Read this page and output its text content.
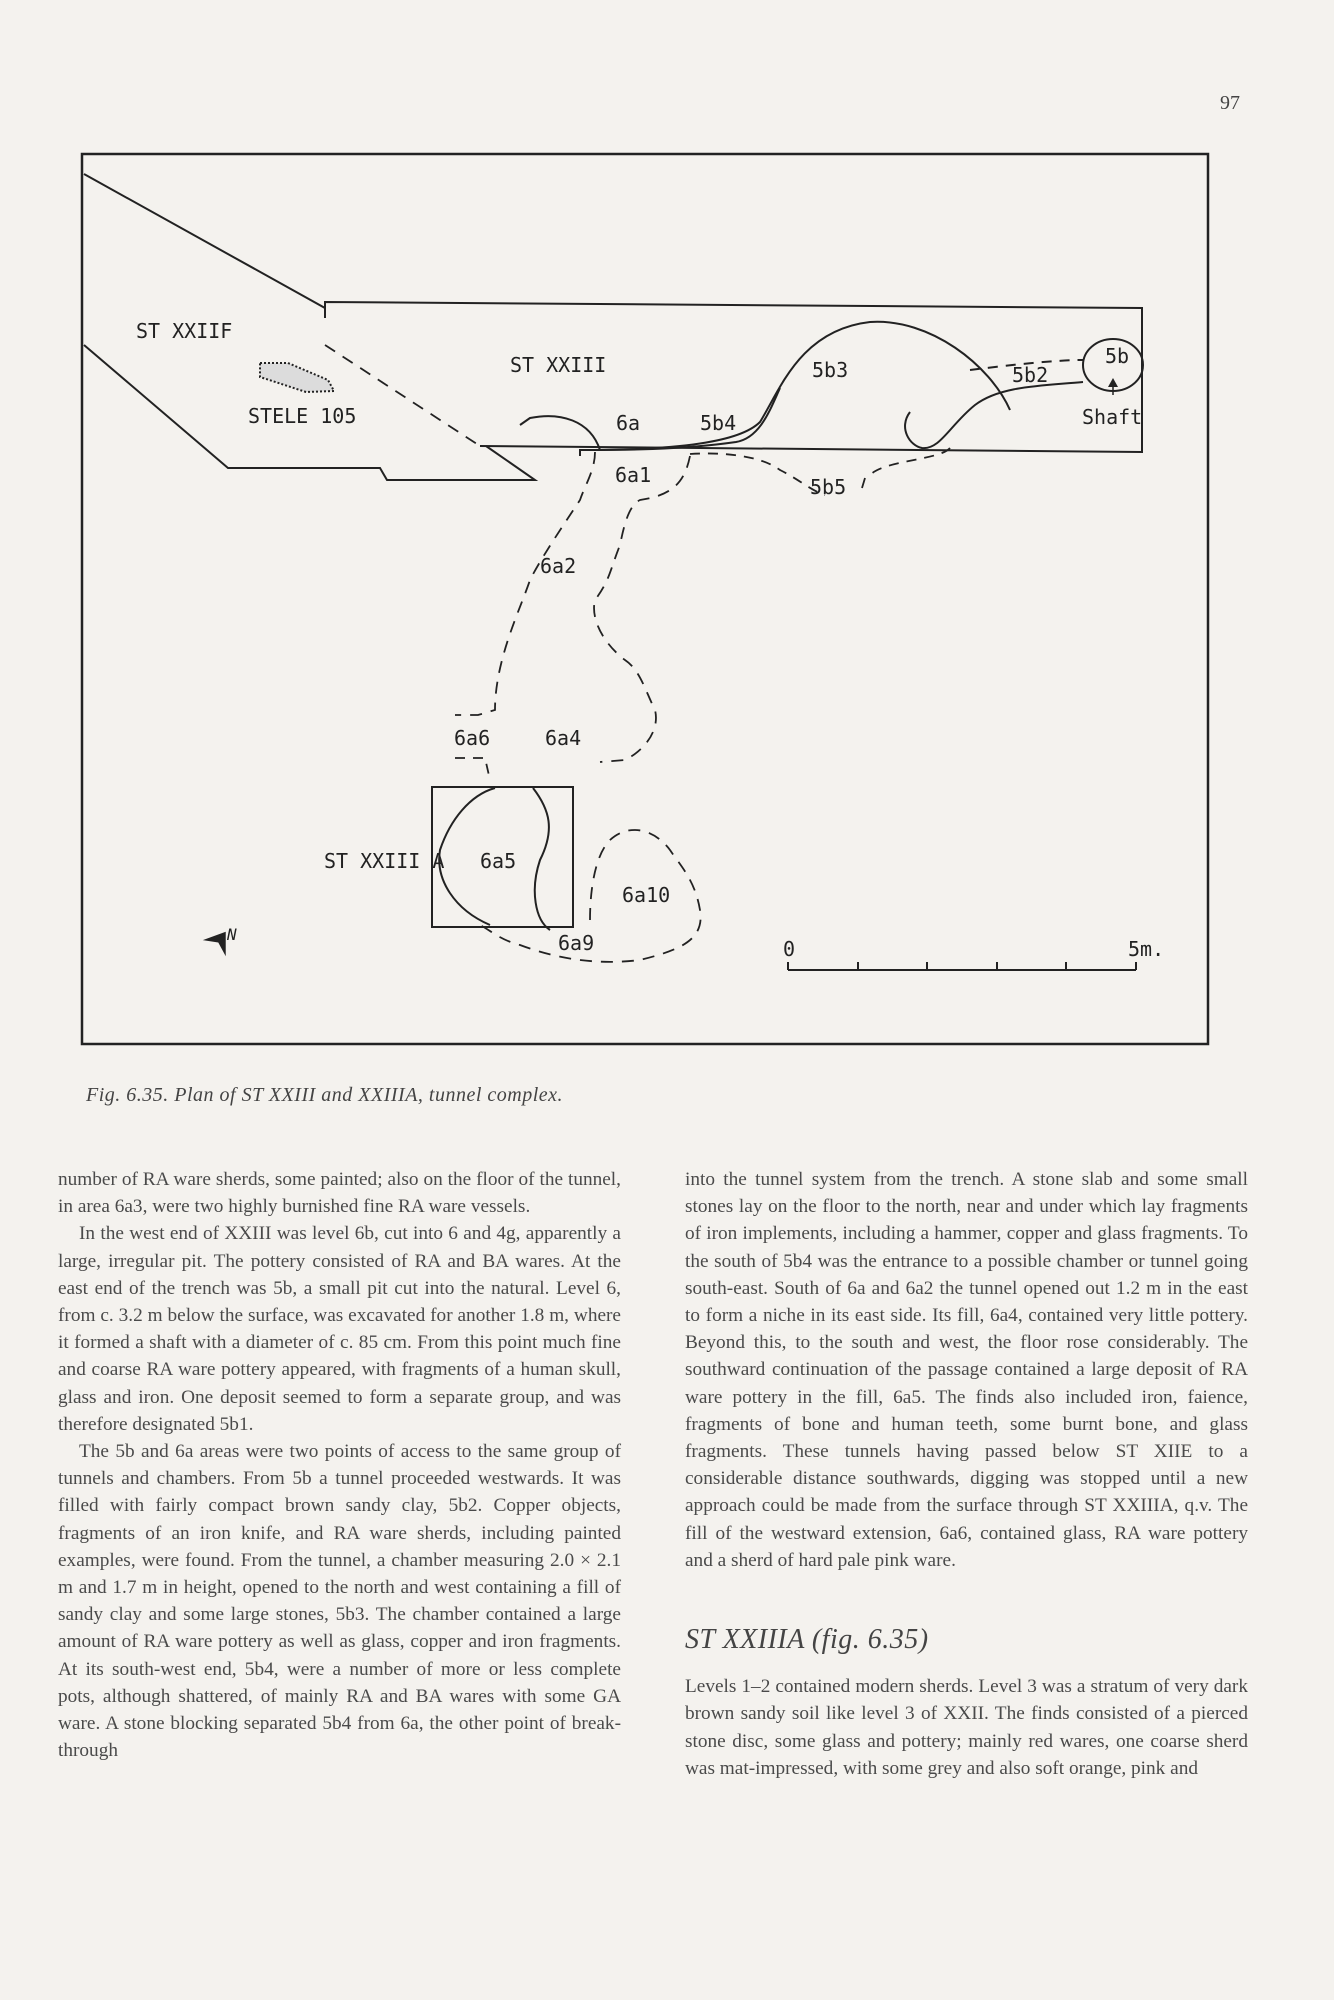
97
ST XXIIF
STELE 105
ST XXIII	5b3	5b2
5b
Shaft
6a	5b4
6a1	5b5
6a2
6a6	6a4
ST XXIII A 6a5
6a10
6a9
N
0	5m.
Fig. 6.35. Plan of ST XXIII and XXIIIA, tunnel complex.

number of RA ware sherds, some painted; also on the floor of the tunnel, in area 6a3, were two highly burnished fine RA ware vessels.

In the west end of XXIII was level 6b, cut into 6 and 4g, apparently a large, irregular pit. The pottery consisted of RA and BA wares. At the east end of the trench was 5b, a small pit cut into the natural. Level 6, from c. 3.2 m below the surface, was excavated for another 1.8 m, where it formed a shaft with a diameter of c. 85 cm. From this point much fine and coarse RA ware pottery appeared, with fragments of a human skull, glass and iron. One deposit seemed to form a separate group, and was therefore designated 5b1.

The 5b and 6a areas were two points of access to the same group of tunnels and chambers. From 5b a tunnel proceeded westwards. It was filled with fairly compact brown sandy clay, 5b2. Copper objects, fragments of an iron knife, and RA ware sherds, including painted examples, were found. From the tunnel, a chamber measuring 2.0 × 2.1 m and 1.7 m in height, opened to the north and west containing a fill of sandy clay and some large stones, 5b3. The chamber contained a large amount of RA ware pottery as well as glass, copper and iron fragments. At its south-west end, 5b4, were a number of more or less complete pots, although shattered, of mainly RA and BA wares with some GA ware. A stone blocking separated 5b4 from 6a, the other point of break-through

into the tunnel system from the trench. A stone slab and some small stones lay on the floor to the north, near and under which lay fragments of iron implements, including a hammer, copper and glass fragments. To the south of 5b4 was the entrance to a possible chamber or tunnel going south-east. South of 6a and 6a2 the tunnel opened out 1.2 m in the east to form a niche in its east side. Its fill, 6a4, contained very little pottery. Beyond this, to the south and west, the floor rose considerably. The southward continuation of the passage contained a large deposit of RA ware pottery in the fill, 6a5. The finds also included iron, faience, fragments of bone and human teeth, some burnt bone, and glass fragments. These tunnels having passed below ST XIIE to a considerable distance southwards, digging was stopped until a new approach could be made from the surface through ST XXIIIA, q.v. The fill of the westward extension, 6a6, contained glass, RA ware pottery and a sherd of hard pale pink ware.

ST XXIIIA (fig. 6.35)

Levels 1–2 contained modern sherds. Level 3 was a stratum of very dark brown sandy soil like level 3 of XXII. The finds consisted of a pierced stone disc, some glass and pottery; mainly red wares, one coarse sherd was mat-impressed, with some grey and also soft orange, pink and
